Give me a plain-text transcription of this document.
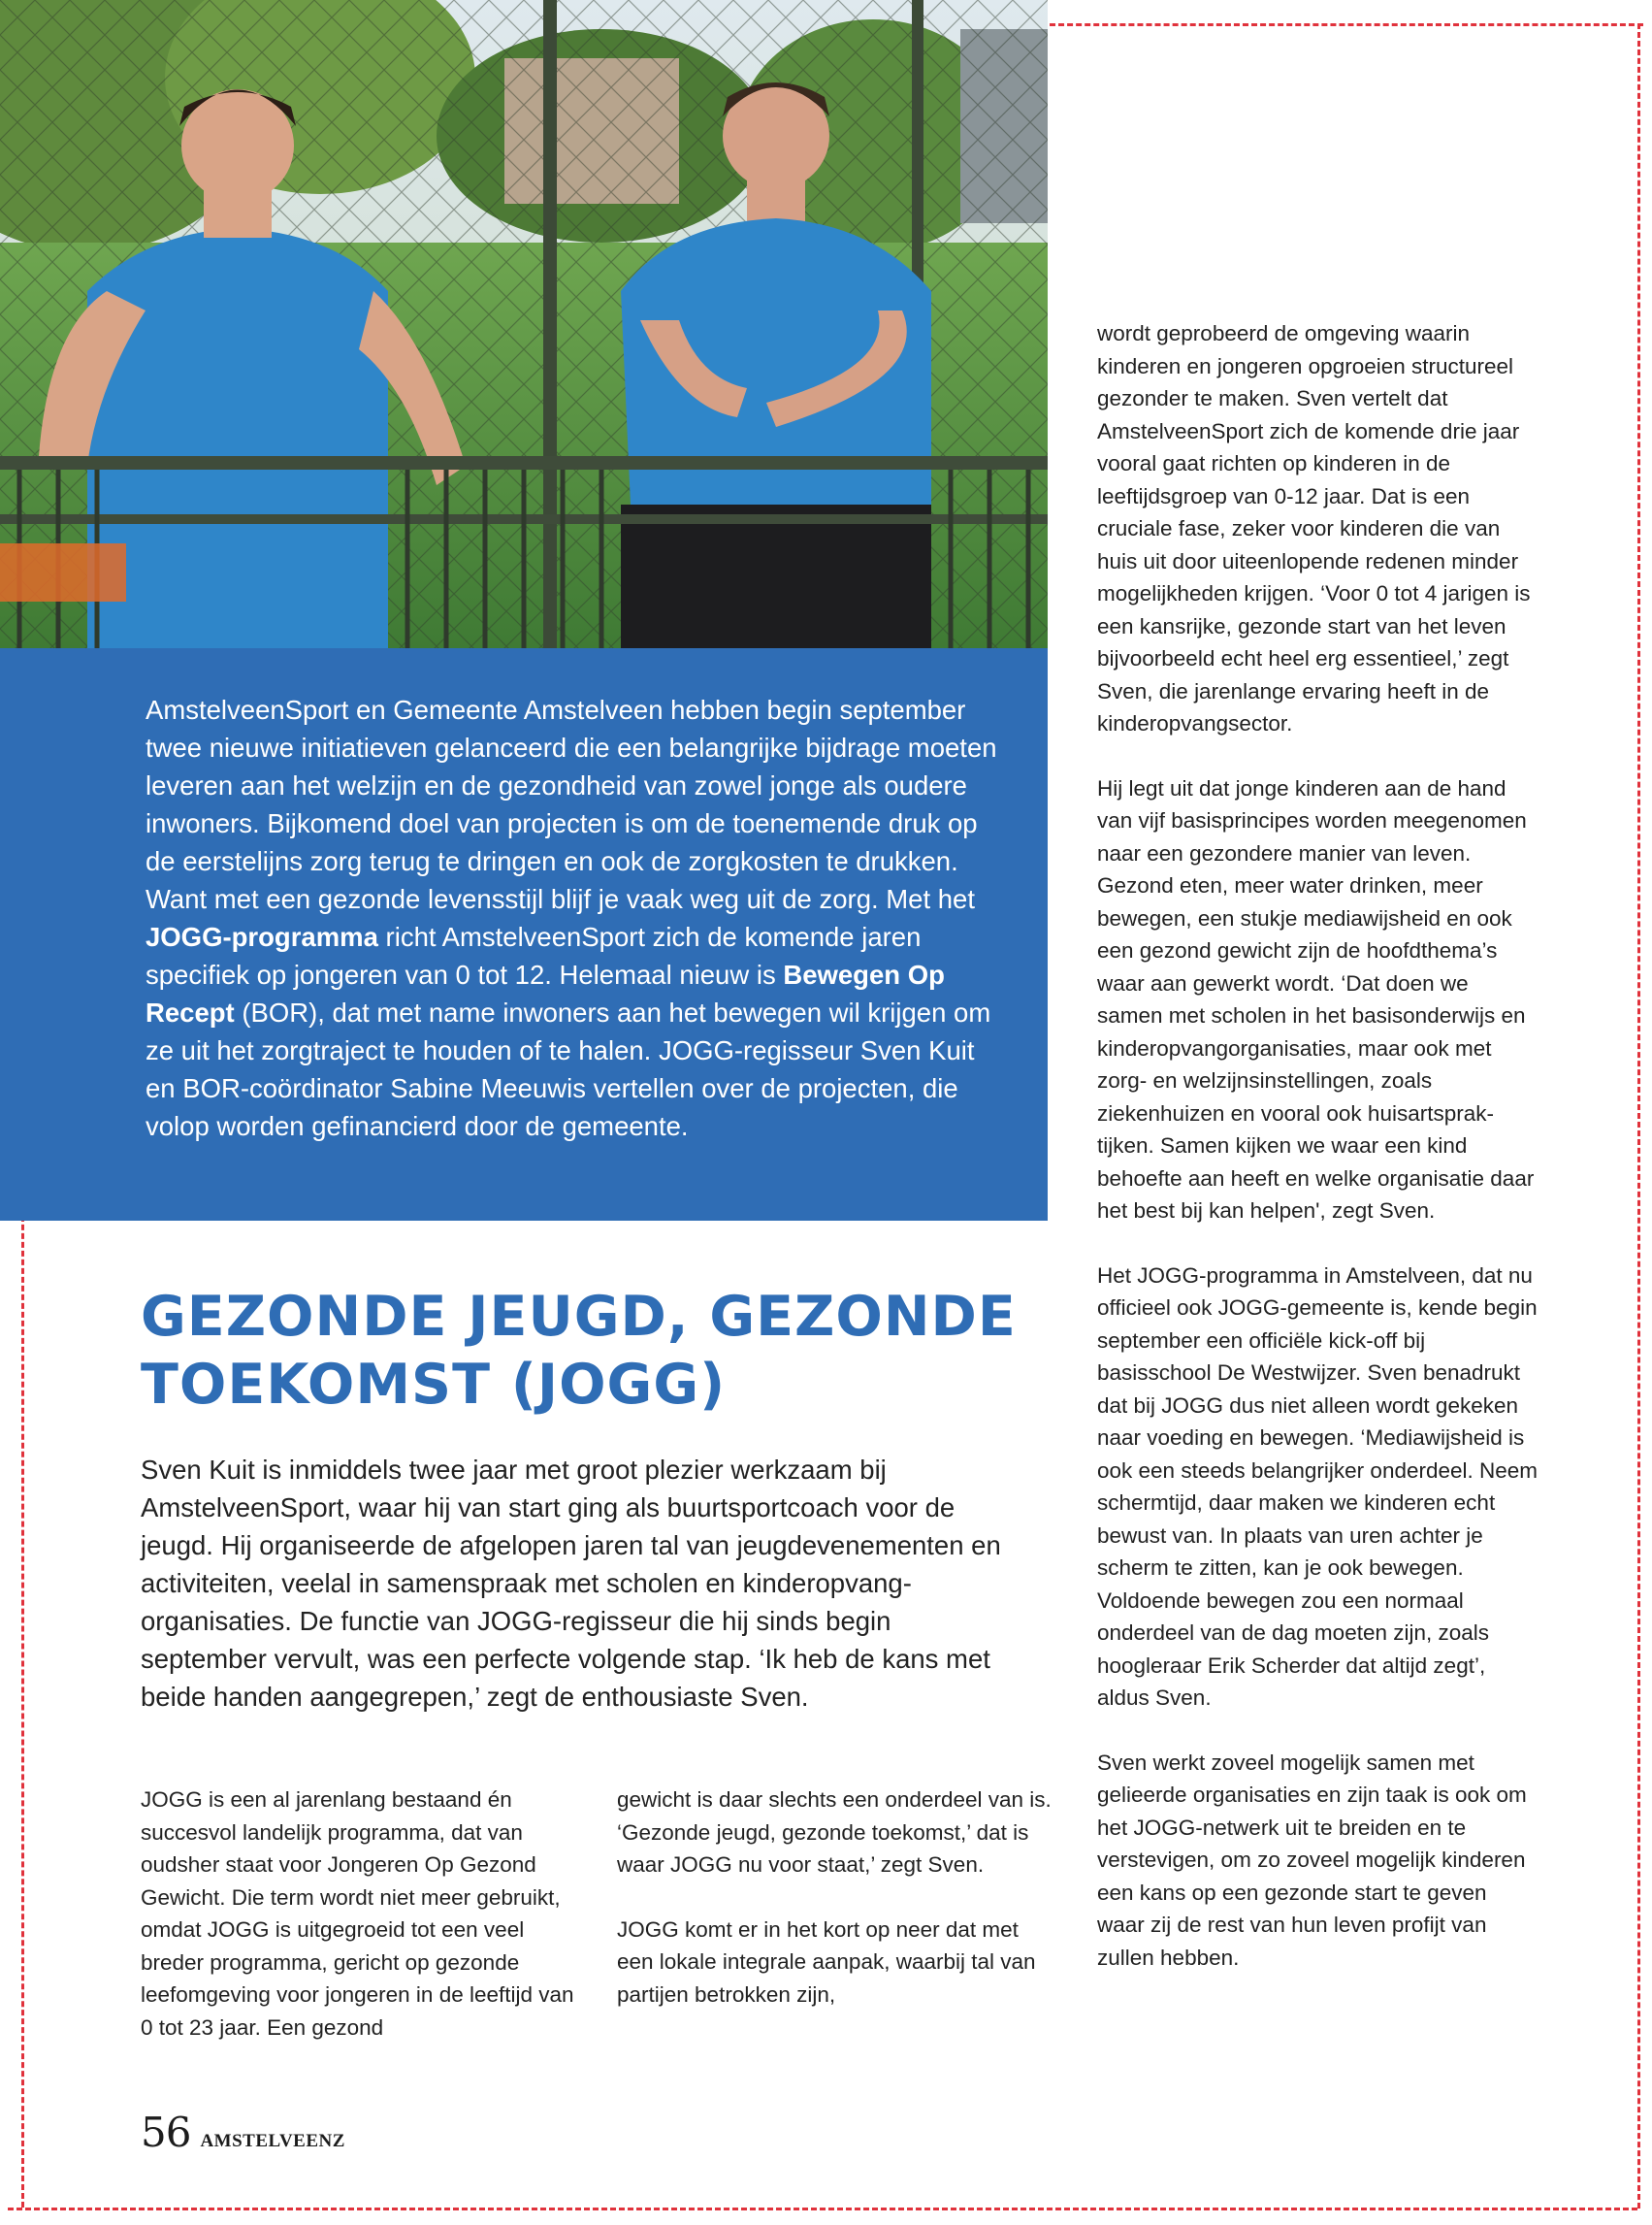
AmstelveenSport en Gemeente Amstelveen hebben begin september twee nieuwe initiatieven gelanceerd die een belangrijke bijdrage moeten leveren aan het welzijn en de gezondheid van zowel jonge als oudere inwoners. Bijkomend doel van projecten is om de toenemende druk op de eerstelijns zorg terug te dringen en ook de zorgkosten te drukken. Want met een gezonde levensstijl blijf je vaak weg uit de zorg. Met het JOGG-programma richt AmstelveenSport zich de komende jaren specifiek op jongeren van 0 tot 12. Helemaal nieuw is Bewegen Op Recept (BOR), dat met name inwoners aan het bewegen wil krijgen om ze uit het zorgtraject te houden of te halen. JOGG-regisseur Sven Kuit en BOR-coördinator Sabine Meeuwis vertellen over de projecten, die volop worden gefinancierd door de gemeente.
GEZONDE JEUGD, GEZONDE
TOEKOMST (JOGG)

Sven Kuit is inmiddels twee jaar met groot plezier werkzaam bij AmstelveenSport, waar hij van start ging als buurtsportcoach voor de jeugd. Hij organiseerde de afgelopen jaren tal van jeugdevenementen en activiteiten, veelal in samenspraak met scholen en kinderopvangorganisaties. De functie van JOGG-regisseur die hij sinds begin september vervult, was een perfecte volgende stap. ‘Ik heb de kans met beide handen aangegrepen,’ zegt de enthousiaste Sven.

JOGG is een al jarenlang bestaand én succesvol landelijk programma, dat van oudsher staat voor Jongeren Op Gezond Gewicht. Die term wordt niet meer gebruikt, omdat JOGG is uitgegroeid tot een veel breder programma, gericht op gezonde leefomgeving voor jongeren in de leeftijd van 0 tot 23 jaar. Een gezond

gewicht is daar slechts een onderdeel van is. ‘Gezonde jeugd, gezonde toekomst,’ dat is waar JOGG nu voor staat,’ zegt Sven.

JOGG komt er in het kort op neer dat met een lokale integrale aanpak, waarbij tal van partijen betrokken zijn,

wordt geprobeerd de omgeving waarin kinderen en jongeren opgroeien structureel gezonder te maken. Sven vertelt dat AmstelveenSport zich de komende drie jaar vooral gaat richten op kinderen in de leeftijdsgroep van 0-12 jaar. Dat is een cruciale fase, zeker voor kinderen die van huis uit door uiteenlopende redenen minder mogelijkheden krijgen. ‘Voor 0 tot 4 jarigen is een kansrijke, gezonde start van het leven bijvoorbeeld echt heel erg essentieel,’ zegt Sven, die jarenlange ervaring heeft in de kinderopvangsector.

Hij legt uit dat jonge kinderen aan de hand van vijf basisprincipes worden meegenomen naar een gezondere manier van leven. Gezond eten, meer water drinken, meer bewegen, een stukje mediawijsheid en ook een gezond gewicht zijn de hoofdthema’s waar aan gewerkt wordt. ‘Dat doen we samen met scholen in het basisonderwijs en kinderopvangorganisaties, maar ook met zorg- en welzijnsinstellingen, zoals ziekenhuizen en vooral ook huisartspraktijken. Samen kijken we waar een kind behoefte aan heeft en welke organisatie daar het best bij kan helpen', zegt Sven.

Het JOGG-programma in Amstelveen, dat nu officieel ook JOGG-gemeente is, kende begin september een officiële kick-off bij basisschool De Westwijzer. Sven benadrukt dat bij JOGG dus niet alleen wordt gekeken naar voeding en bewegen. ‘Mediawijsheid is ook een steeds belangrijker onderdeel. Neem schermtijd, daar maken we kinderen echt bewust van. In plaats van uren achter je scherm te zitten, kan je ook bewegen. Voldoende bewegen zou een normaal onderdeel van de dag moeten zijn, zoals hoogleraar Erik Scherder dat altijd zegt’, aldus Sven.

Sven werkt zoveel mogelijk samen met gelieerde organisaties en zijn taak is ook om het JOGG-netwerk uit te breiden en te verstevigen, om zo zoveel mogelijk kinderen een kans op een gezonde start te geven waar zij de rest van hun leven profijt van zullen hebben.

56 AMSTELVEENZ
